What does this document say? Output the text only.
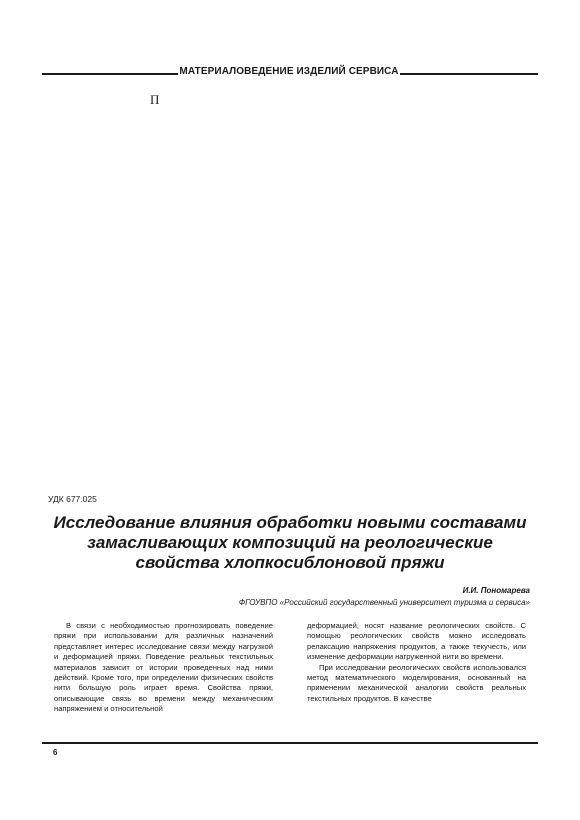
МАТЕРИАЛОВЕДЕНИЕ ИЗДЕЛИЙ СЕРВИСА
П
УДК 677.025
Исследование влияния обработки новыми составами
замасливающих композиций на реологические
свойства хлопкосиблоновой пряжи
И.И. Пономарева
ФГОУВПО «Российский государственный университет туризма и сервиса»

В связи с необходимостью прогнозировать поведение пряжи при использовании для различных назначений представляет интерес исследование связи между нагрузкой и деформацией пряжи. Поведение реальных текстильных материалов зависит от истории проведенных над ними действий. Кроме того, при определении физических свойств нити большую роль играет время. Свойства пряжи, описывающие связь во времени между механическим напряжением и относительной

деформацией, носят название реологических свойств. С помощью реологических свойств можно исследовать релаксацию напряжения продуктов, а также текучесть, или изменение деформации нагруженной нити во времени.

При исследовании реологических свойств использовался метод математического моделирования, основанный на применении механической аналогии свойств реальных текстильных продуктов. В качестве

6
